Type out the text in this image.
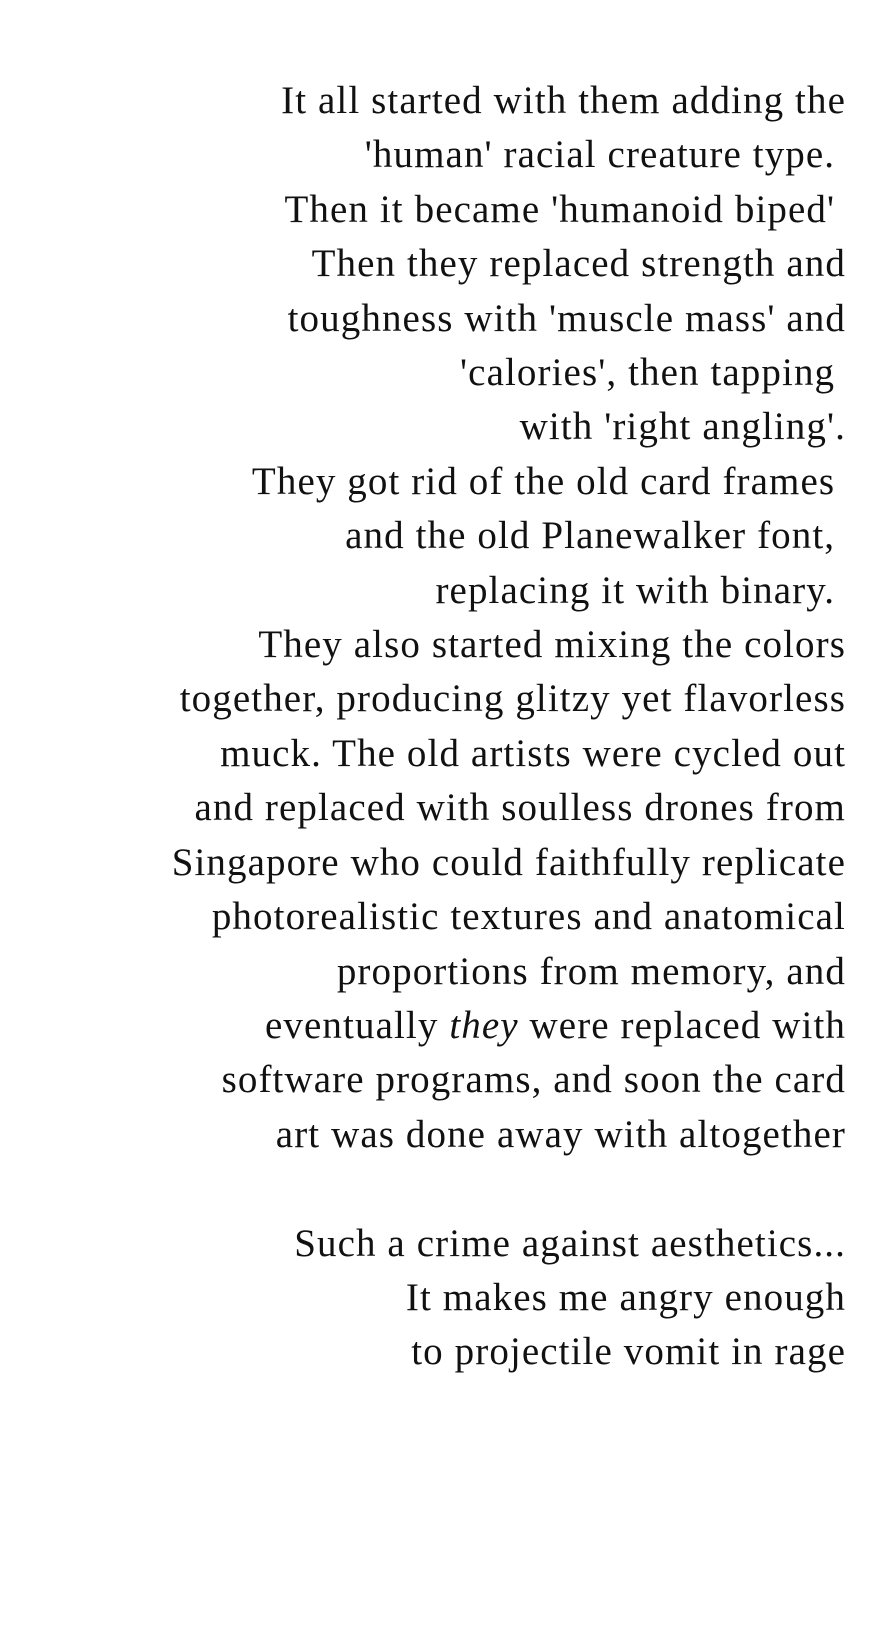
It all started with them adding the
'human' racial creature type.
Then it became 'humanoid biped'
Then they replaced strength and
toughness with 'muscle mass' and
'calories', then tapping
with 'right angling'.
They got rid of the old card frames
and the old Planewalker font,
replacing it with binary.
They also started mixing the colors
together, producing glitzy yet flavorless
muck. The old artists were cycled out
and replaced with soulless drones from
Singapore who could faithfully replicate
photorealistic textures and anatomical
proportions from memory, and
eventually they were replaced with
software programs, and soon the card
art was done away with altogether
Such a crime against aesthetics...
It makes me angry enough
to projectile vomit in rage
